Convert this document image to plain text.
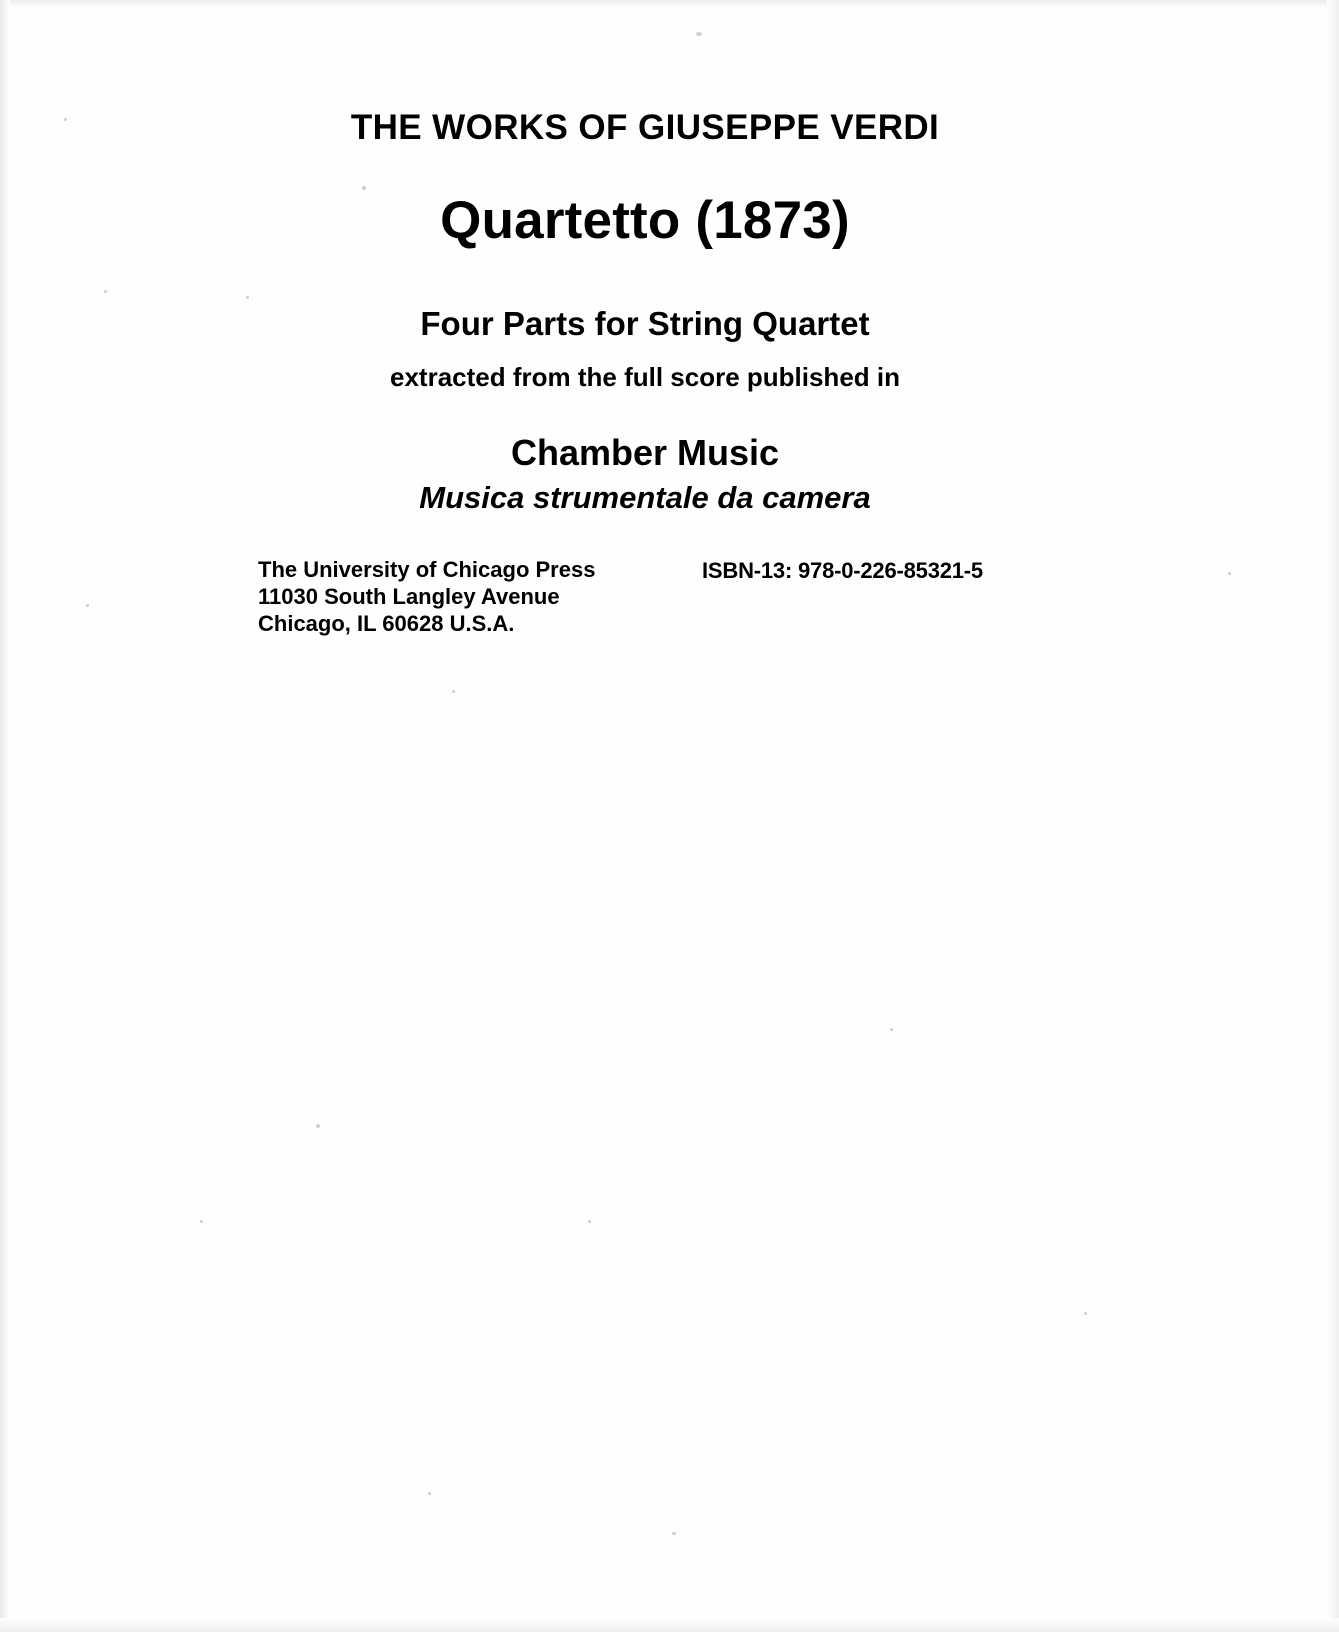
THE WORKS OF GIUSEPPE VERDI
Quartetto (1873)
Four Parts for String Quartet
extracted from the full score published in
Chamber Music
Musica strumentale da camera
The University of Chicago Press
11030 South Langley Avenue
Chicago, IL 60628 U.S.A.
ISBN-13: 978-0-226-85321-5
